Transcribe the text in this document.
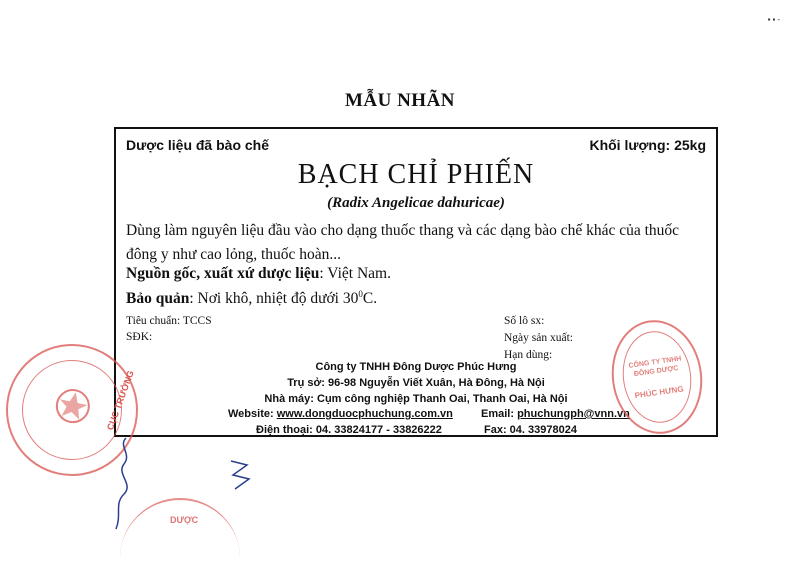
▪ ▪ ‐
MẪU NHÃN
Dược liệu đã bào chế	Khối lượng: 25kg
BẠCH CHỈ PHIẾN
(Radix Angelicae dahuricae)
Dùng làm nguyên liệu đầu vào cho dạng thuốc thang và các dạng bào chế khác của thuốc đông y như cao lỏng, thuốc hoàn...
Nguồn gốc, xuất xứ dược liệu: Việt Nam.
Bảo quản: Nơi khô, nhiệt độ dưới $30^0C$.
Tiêu chuẩn: TCCS
SĐK:
Số lô sx:
Ngày sản xuất:
Hạn dùng:
Công ty TNHH Đông Dược Phúc Hưng
Trụ sở: 96-98 Nguyễn Viết Xuân, Hà Đông, Hà Nội
Nhà máy: Cụm công nghiệp Thanh Oai, Thanh Oai, Hà Nội
Website: www.dongduocphuchung.com.vn	Email: phuchungph@vnn.vn
Điện thoại: 04. 33824177 - 33826222	Fax: 04. 33978024
CÔNG TY TNHH ĐÔNG DƯỢC
PHÚC HƯNG
CỤC TRƯỞNG
DƯỢC
